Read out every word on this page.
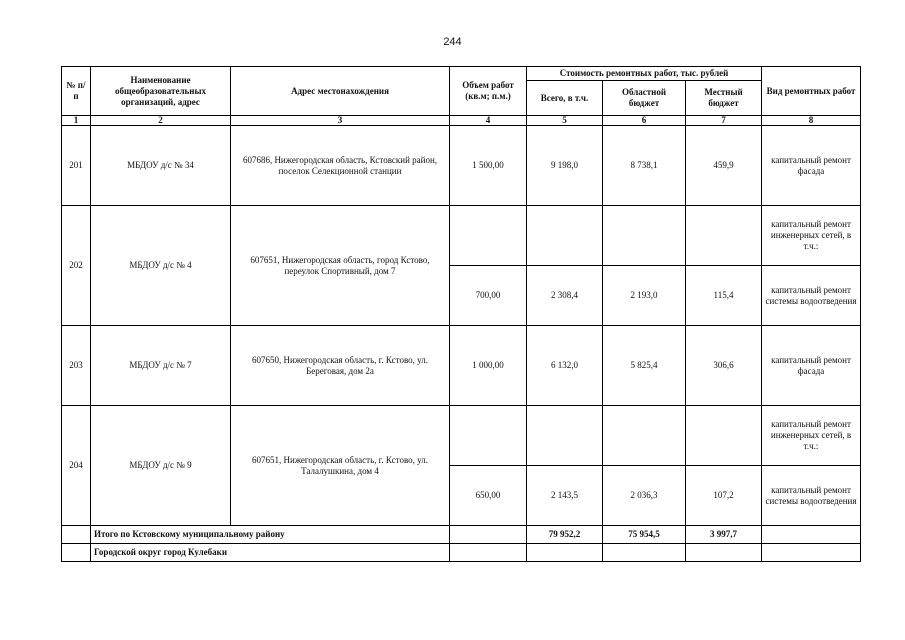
244
№ п/п	Наименование общеобразовательных организаций, адрес	Адрес местонахождения	Объем работ (кв.м; п.м.)	Стоимость ремонтных работ, тыс. рублей			Вид ремонтных работ
				Всего, в т.ч.	Областной бюджет	Местный бюджет	
1	2	3	4	5	6	7	8
201	МБДОУ д/с № 34	607686, Нижегородская область, Кстовский район, поселок Селекционной станции	1 500,00	9 198,0	8 738,1	459,9	капитальный ремонт фасада
202	МБДОУ д/с № 4	607651, Нижегородская область, город Кстово, переулок Спортивный, дом 7					капитальный ремонт инженерных сетей, в т.ч.:
			700,00	2 308,4	2 193,0	115,4	капитальный ремонт системы водоотведения
203	МБДОУ д/с № 7	607650, Нижегородская область, г. Кстово, ул. Береговая, дом 2а	1 000,00	6 132,0	5 825,4	306,6	капитальный ремонт фасада
204	МБДОУ д/с № 9	607651, Нижегородская область, г. Кстово, ул. Талалушкина, дом 4					капитальный ремонт инженерных сетей, в т.ч.:
			650,00	2 143,5	2 036,3	107,2	капитальный ремонт системы водоотведения
	Итого по Кстовскому муниципальному району			79 952,2	75 954,5	3 997,7	
	Городской округ город Кулебаки						
